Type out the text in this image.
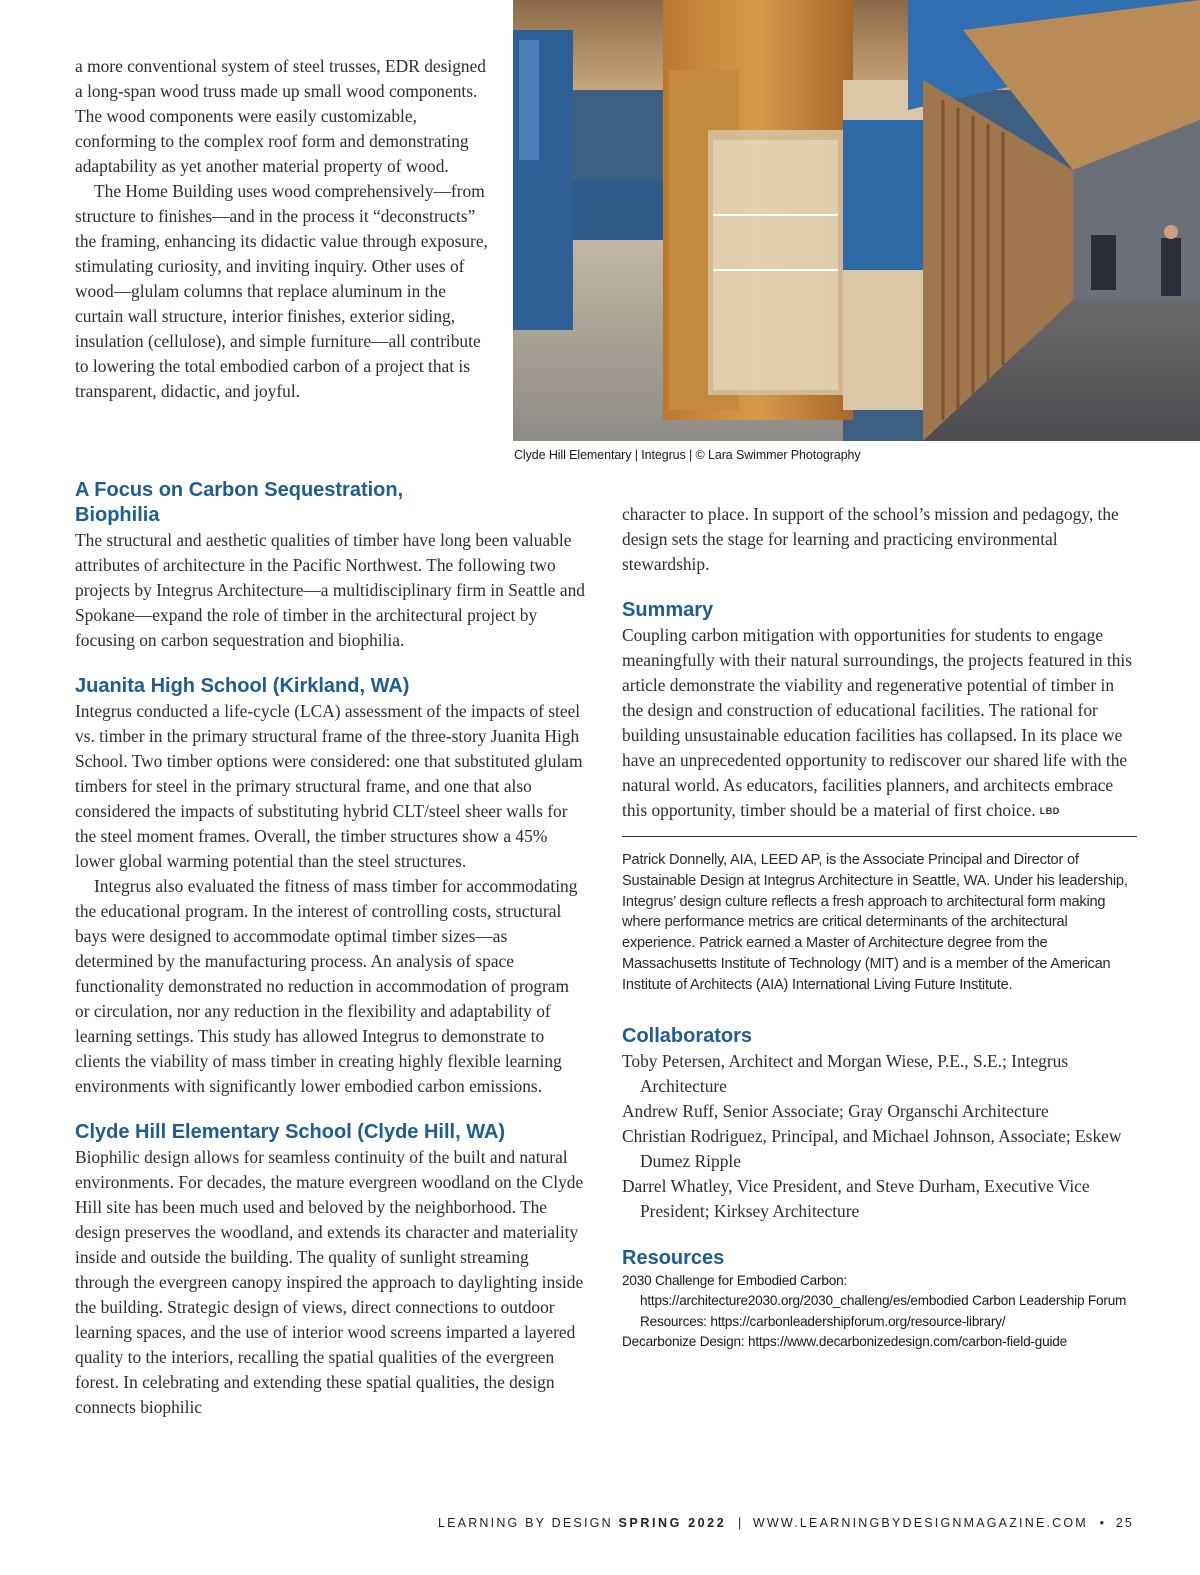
Clyde Hill Elementary | Integrus | © Lara Swimmer Photography

a more conventional system of steel trusses, EDR designed a long-span wood truss made up small wood components. The wood components were easily customizable, conforming to the complex roof form and demonstrating adaptability as yet another material property of wood.

The Home Building uses wood comprehensively—from structure to finishes—and in the process it “deconstructs” the framing, enhancing its didactic value through exposure, stimulating curiosity, and inviting inquiry. Other uses of wood—glulam columns that replace aluminum in the curtain wall structure, interior finishes, exterior siding, insulation (cellulose), and simple furniture—all contribute to lowering the total embodied carbon of a project that is transparent, didactic, and joyful.

A Focus on Carbon Sequestration,
Biophilia

The structural and aesthetic qualities of timber have long been valuable attributes of architecture in the Pacific Northwest. The following two projects by Integrus Architecture—a multidisciplinary firm in Seattle and Spokane—expand the role of timber in the architectural project by focusing on carbon sequestration and biophilia.

Juanita High School (Kirkland, WA)

Integrus conducted a life-cycle (LCA) assessment of the impacts of steel vs. timber in the primary structural frame of the three-story Juanita High School. Two timber options were considered: one that substituted glulam timbers for steel in the primary structural frame, and one that also considered the impacts of substituting hybrid CLT/steel sheer walls for the steel moment frames. Overall, the timber structures show a 45% lower global warming potential than the steel structures.

Integrus also evaluated the fitness of mass timber for accommodating the educational program. In the interest of controlling costs, structural bays were designed to accommodate optimal timber sizes—as determined by the manufacturing process. An analysis of space functionality demonstrated no reduction in accommodation of program or circulation, nor any reduction in the flexibility and adaptability of learning settings. This study has allowed Integrus to demonstrate to clients the viability of mass timber in creating highly flexible learning environments with significantly lower embodied carbon emissions.

Clyde Hill Elementary School (Clyde Hill, WA)

Biophilic design allows for seamless continuity of the built and natural environments. For decades, the mature evergreen woodland on the Clyde Hill site has been much used and beloved by the neighborhood. The design preserves the woodland, and extends its character and materiality inside and outside the building. The quality of sunlight streaming through the evergreen canopy inspired the approach to daylighting inside the building. Strategic design of views, direct connections to outdoor learning spaces, and the use of interior wood screens imparted a layered quality to the interiors, recalling the spatial qualities of the evergreen forest. In celebrating and extending these spatial qualities, the design connects biophilic

character to place. In support of the school’s mission and pedagogy, the design sets the stage for learning and practicing environmental stewardship.

Summary

Coupling carbon mitigation with opportunities for students to engage meaningfully with their natural surroundings, the projects featured in this article demonstrate the viability and regenerative potential of timber in the design and construction of educational facilities. The rational for building unsustainable education facilities has collapsed. In its place we have an unprecedented opportunity to rediscover our shared life with the natural world. As educators, facilities planners, and architects embrace this opportunity, timber should be a material of first choice. LBD

Patrick Donnelly, AIA, LEED AP, is the Associate Principal and Director of Sustainable Design at Integrus Architecture in Seattle, WA. Under his leadership, Integrus’ design culture reflects a fresh approach to architectural form making where performance metrics are critical determinants of the architectural experience. Patrick earned a Master of Architecture degree from the Massachusetts Institute of Technology (MIT) and is a member of the American Institute of Architects (AIA) International Living Future Institute.

Collaborators

Toby Petersen, Architect and Morgan Wiese, P.E., S.E.; Integrus Architecture

Andrew Ruff, Senior Associate; Gray Organschi Architecture

Christian Rodriguez, Principal, and Michael Johnson, Associate; Eskew Dumez Ripple

Darrel Whatley, Vice President, and Steve Durham, Executive Vice President; Kirksey Architecture

Resources

2030 Challenge for Embodied Carbon: https://architecture2030.org/2030_challeng/es/embodied Carbon Leadership Forum Resources: https://carbonleadershipforum.org/resource-library/

Decarbonize Design: https://www.decarbonizedesign.com/carbon-field-guide

LEARNING BY DESIGN SPRING 2022 | WWW.LEARNINGBYDESIGNMAGAZINE.COM • 25
